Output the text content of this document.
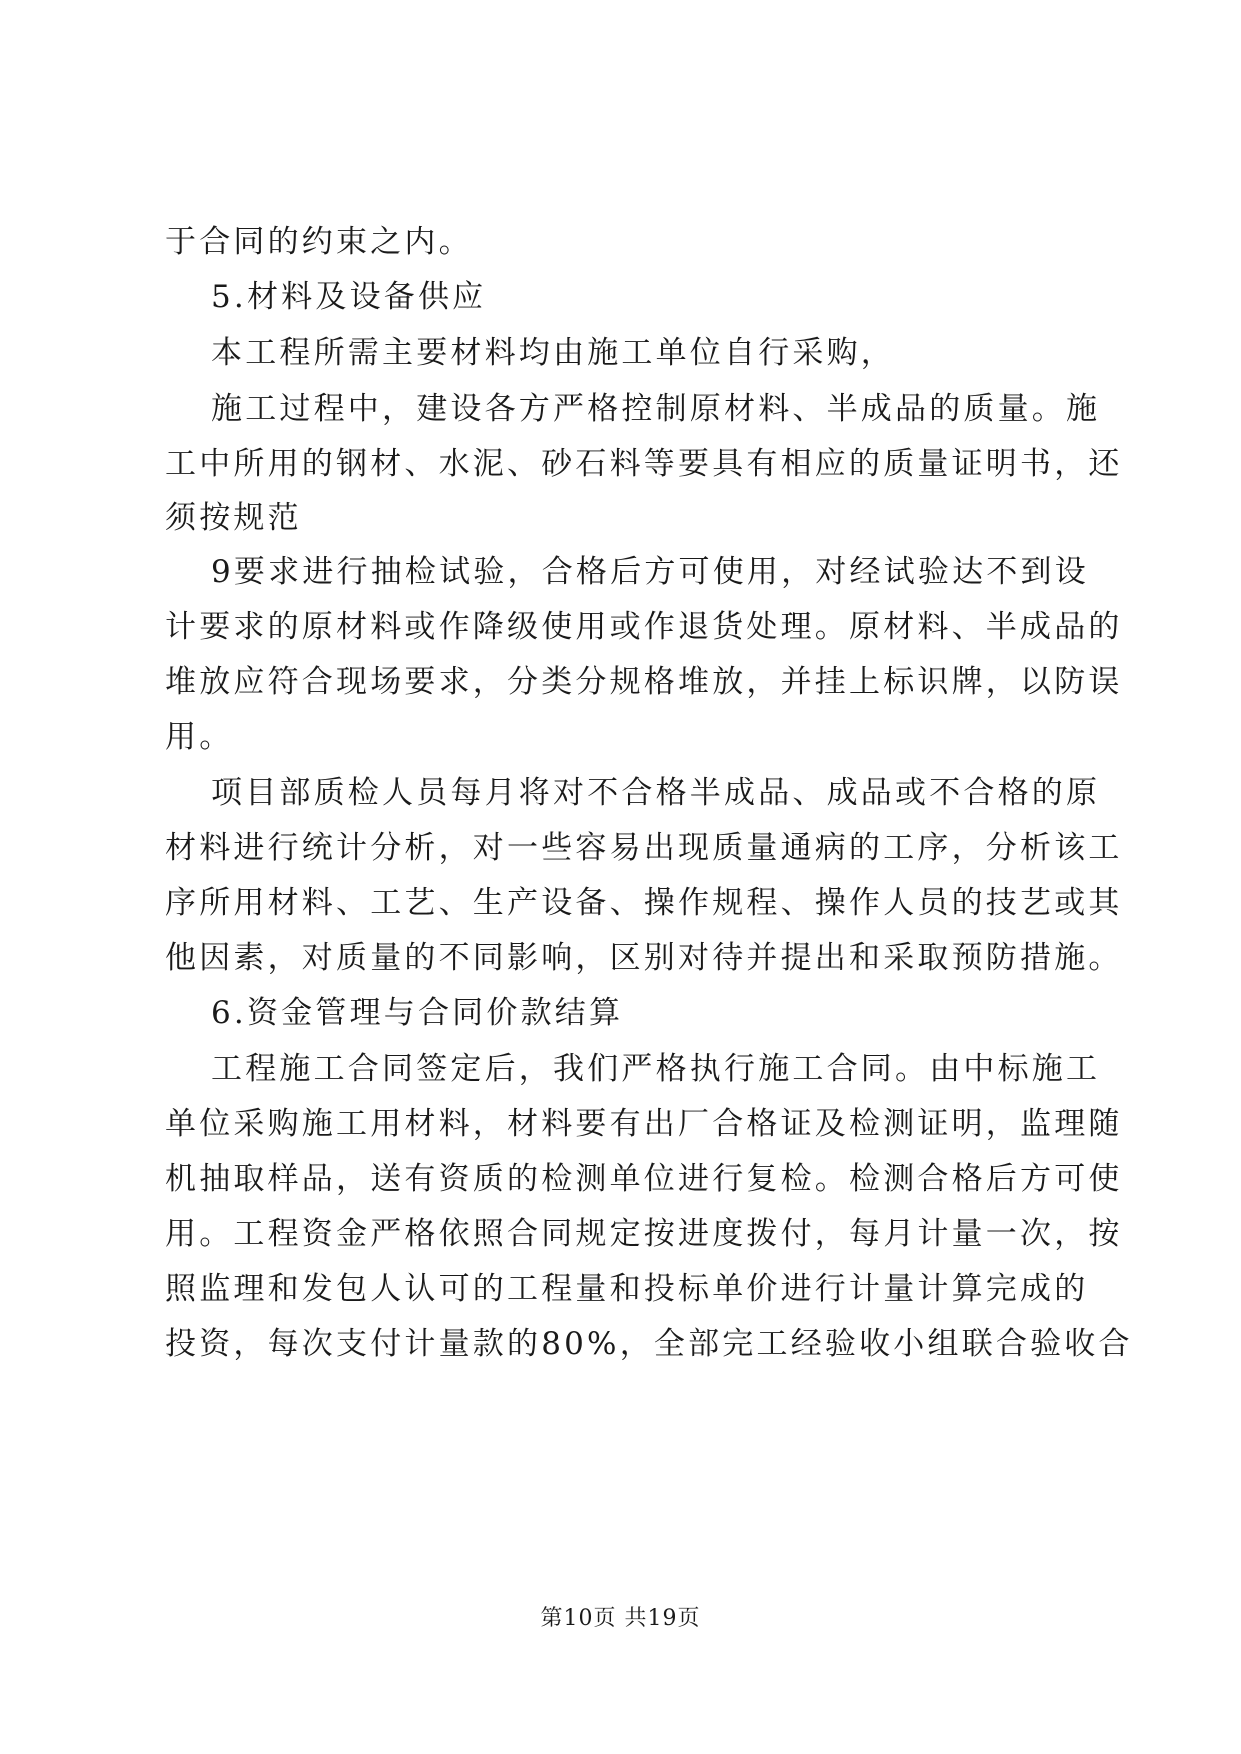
于合同的约束之内。
5.材料及设备供应
本工程所需主要材料均由施工单位自行采购，
施工过程中，建设各方严格控制原材料、半成品的质量。施
工中所用的钢材、水泥、砂石料等要具有相应的质量证明书，还
须按规范
9要求进行抽检试验，合格后方可使用，对经试验达不到设
计要求的原材料或作降级使用或作退货处理。原材料、半成品的
堆放应符合现场要求，分类分规格堆放，并挂上标识牌，以防误
用。
项目部质检人员每月将对不合格半成品、成品或不合格的原
材料进行统计分析，对一些容易出现质量通病的工序，分析该工
序所用材料、工艺、生产设备、操作规程、操作人员的技艺或其
他因素，对质量的不同影响，区别对待并提出和采取预防措施。
6.资金管理与合同价款结算
工程施工合同签定后，我们严格执行施工合同。由中标施工
单位采购施工用材料，材料要有出厂合格证及检测证明，监理随
机抽取样品，送有资质的检测单位进行复检。检测合格后方可使
用。工程资金严格依照合同规定按进度拨付，每月计量一次，按
照监理和发包人认可的工程量和投标单价进行计量计算完成的
投资，每次支付计量款的80%，全部完工经验收小组联合验收合
第10页 共19页
